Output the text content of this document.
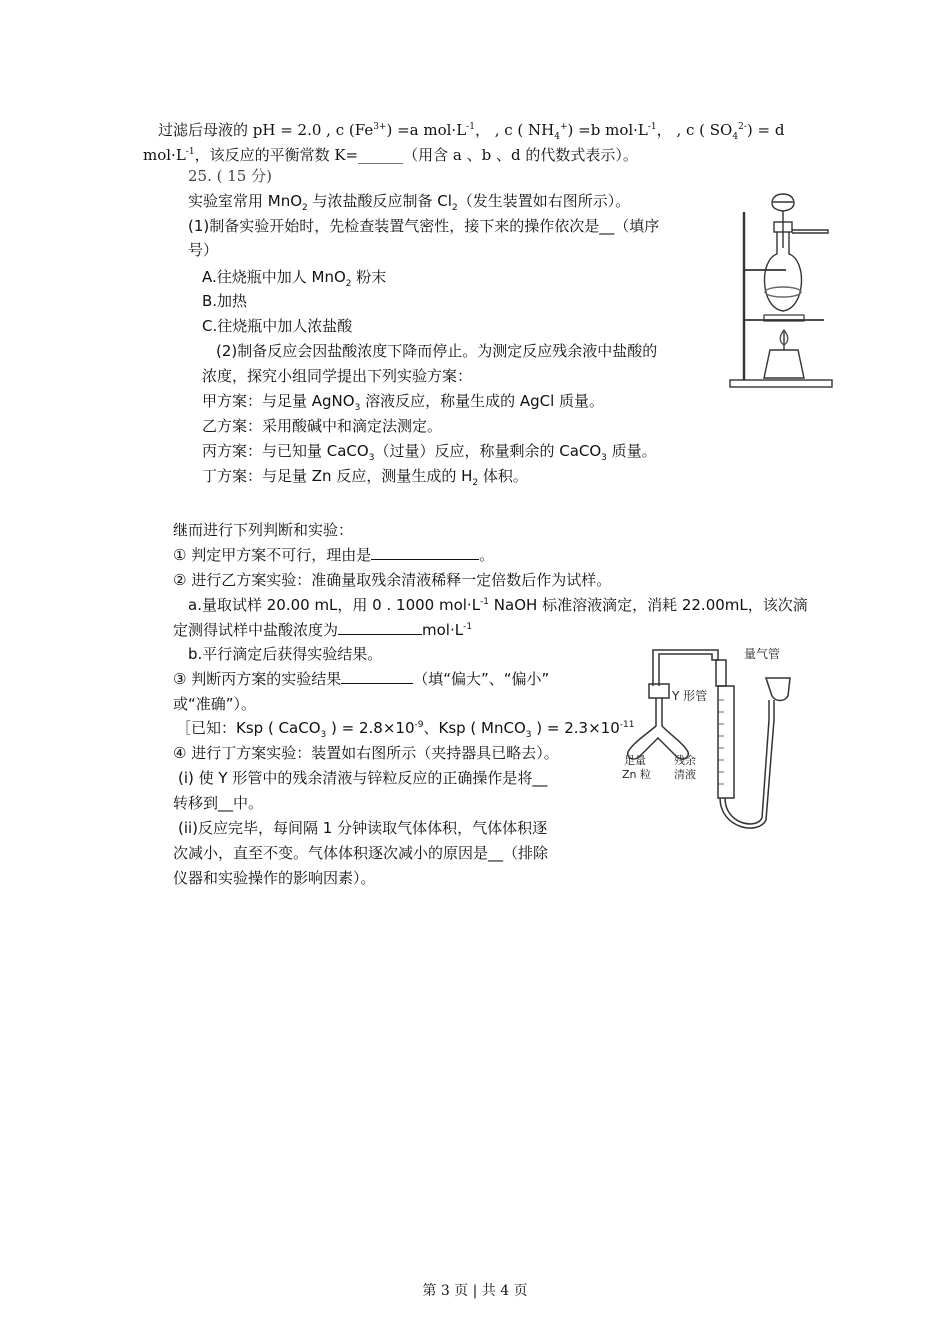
过滤后母液的 pH = 2.0 , c $(Fe^{3+}) =a$ $mol\cdot L^{-1}$， , c ( $NH_4^+) =b$ $mol\cdot L^{-1}$， , c ( $SO_4^{2-}) = d$
$mol\cdot L^{-1}$，该反应的平衡常数 K=______（用含 a 、b 、d 的代数式表示）。
25. ( 15 分)
实验室常用 MnO$_2$ 与浓盐酸反应制备 $Cl_2$（发生装置如右图所示）。
(1)制备实验开始时，先检查装置气密性，接下来的操作依次是__（填序
号）
A.往烧瓶中加人 MnO$_2$ 粉末
B.加热
C.往烧瓶中加人浓盐酸
(2)制备反应会因盐酸浓度下降而停止。为测定反应残余液中盐酸的
浓度，探究小组同学提出下列实验方案：
甲方案：与足量 AgNO$_3$ 溶液反应，称量生成的 AgCl 质量。
乙方案：采用酸碱中和滴定法测定。
丙方案：与已知量 CaCO$_3$（过量）反应，称量剩余的 CaCO$_3$ 质量。
丁方案：与足量 Zn 反应，测量生成的 $H_2$ 体积。
继而进行下列判断和实验：
① 判定甲方案不可行，理由是	。
② 进行乙方案实验：准确量取残余清液稀释一定倍数后作为试样。
a.量取试样 20.00 mL，用 0 . 1000 $mol\cdot L^{-1}$ NaOH 标准溶液滴定，消耗 22.00mL，该次滴
定测得试样中盐酸浓度为	$mol\cdot L^{-1}$
b.平行滴定后获得实验结果。
③ 判断丙方案的实验结果	（填“偏大”、“偏小”
或“准确”）。
［已知：Ksp ( CaCO$_3$ ) = $2.8\times 10^{-9}$、Ksp ( MnCO$_3$ ) = $2.3\times 10^{-11}$
④ 进行丁方案实验：装置如右图所示（夹持器具已略去）。
(i) 使 Y 形管中的残余清液与锌粒反应的正确操作是将__
转移到__中。
(ii)反应完毕，每间隔 1 分钟读取气体体积，气体体积逐
次减小，直至不变。气体体积逐次减小的原因是__（排除
仪器和实验操作的影响因素）。
量气管
Y 形管
足量
Zn 粒
残余
清液
第 3 页 | 共 4 页
